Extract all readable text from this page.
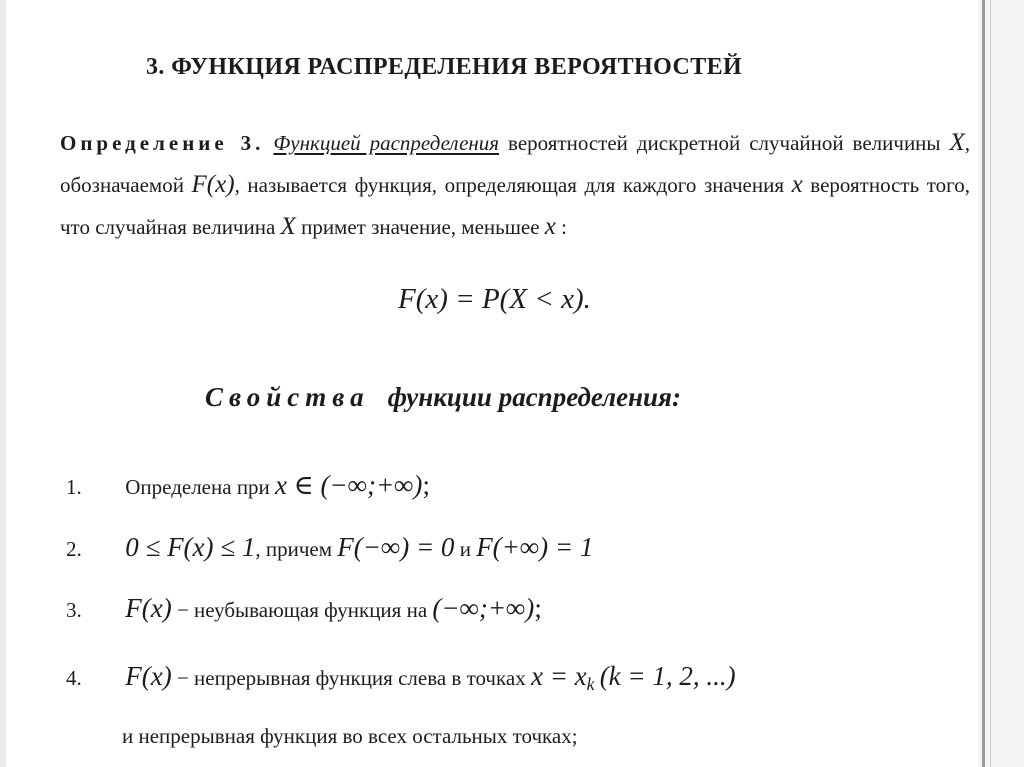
3. ФУНКЦИЯ РАСПРЕДЕЛЕНИЯ ВЕРОЯТНОСТЕЙ
Определение 3. Функцией распределения вероятностей дискретной случайной величины X, обозначаемой F(x), называется функция, определяющая для каждого значения x вероятность того, что случайная величина X примет значение, меньшее x :
F(x) = P(X < x).
Свойства функции распределения:
1. Определена при x ∈ (−∞;+∞);
2. 0 ≤ F(x) ≤ 1, причем F(−∞) = 0 и F(+∞) = 1
3. F(x) − неубывающая функция на (−∞;+∞);
4. F(x) − непрерывная функция слева в точках $x = x_k$ (k = 1, 2, ...)
и непрерывная функция во всех остальных точках;
